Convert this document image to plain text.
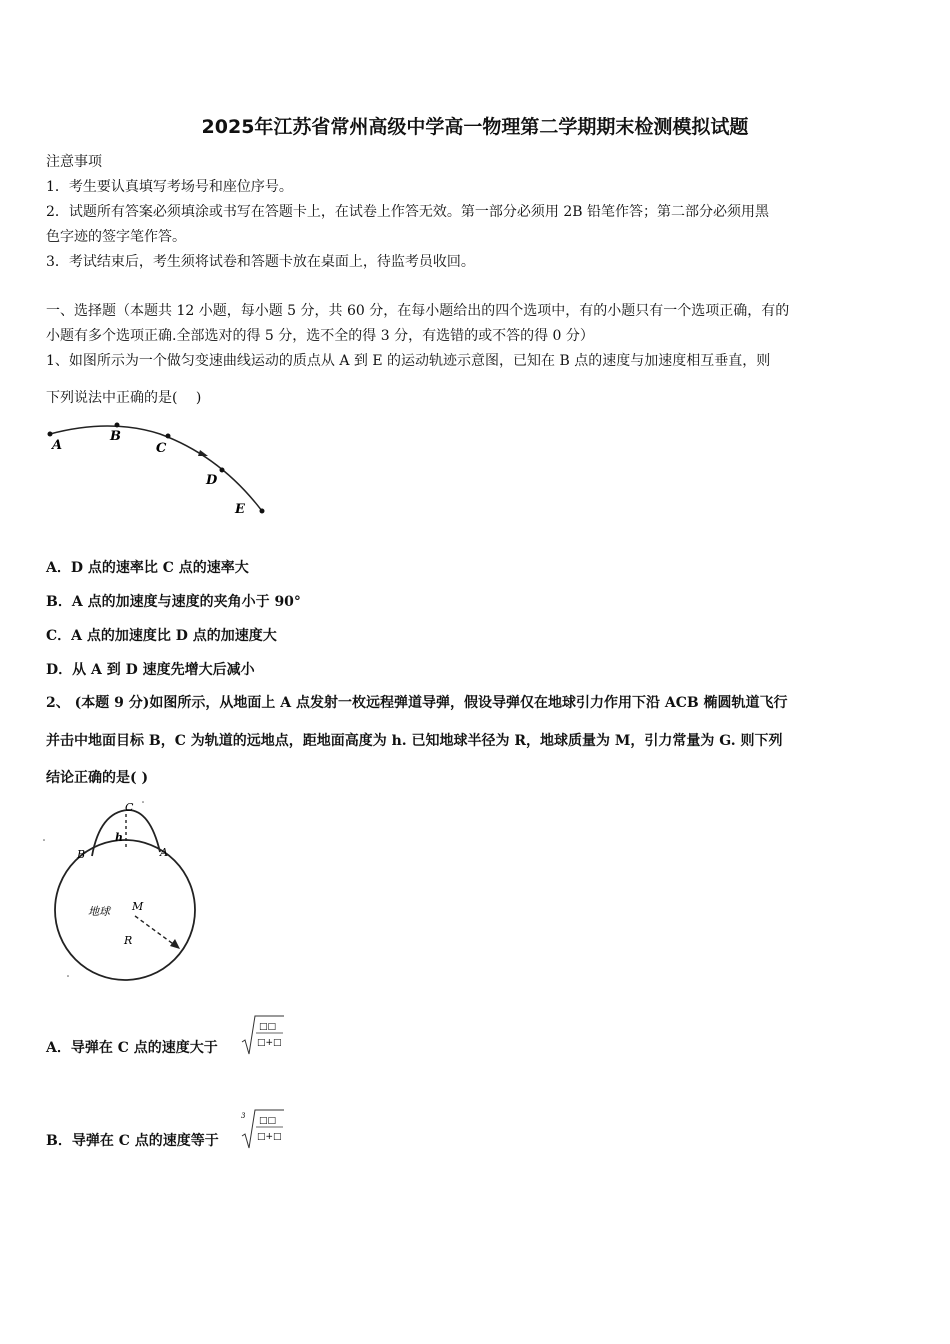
2025年江苏省常州高级中学高一物理第二学期期末检测模拟试题
注意事项
1．考生要认真填写考场号和座位序号。
2．试题所有答案必须填涂或书写在答题卡上，在试卷上作答无效。第一部分必须用 2B 铅笔作答；第二部分必须用黑
色字迹的签字笔作答。
3．考试结束后，考生须将试卷和答题卡放在桌面上，待监考员收回。
一、选择题（本题共 12 小题，每小题 5 分，共 60 分，在每小题给出的四个选项中，有的小题只有一个选项正确，有的
小题有多个选项正确.全部选对的得 5 分，选不全的得 3 分，有选错的或不答的得 0 分）
1、如图所示为一个做匀变速曲线运动的质点从 A 到 E 的运动轨迹示意图，已知在 B 点的速度与加速度相互垂直，则
下列说法中正确的是(　 )
A
B
C
D
E
A．D 点的速率比 C 点的速率大
B．A 点的加速度与速度的夹角小于 90°
C．A 点的加速度比 D 点的加速度大
D．从 A 到 D 速度先增大后减小
2、 (本题 9 分)如图所示，从地面上 A 点发射一枚远程弹道导弹，假设导弹仅在地球引力作用下沿 ACB 椭圆轨道飞行
并击中地面目标 B，C 为轨道的远地点，距地面高度为 h. 已知地球半径为 R，地球质量为 M，引力常量为 G. 则下列
结论正确的是( )
C
h
B	A
地球 M
R
A．导弹在 C 点的速度大于
□□
□+□
B．导弹在 C 点的速度等于
3 □□
□+□
